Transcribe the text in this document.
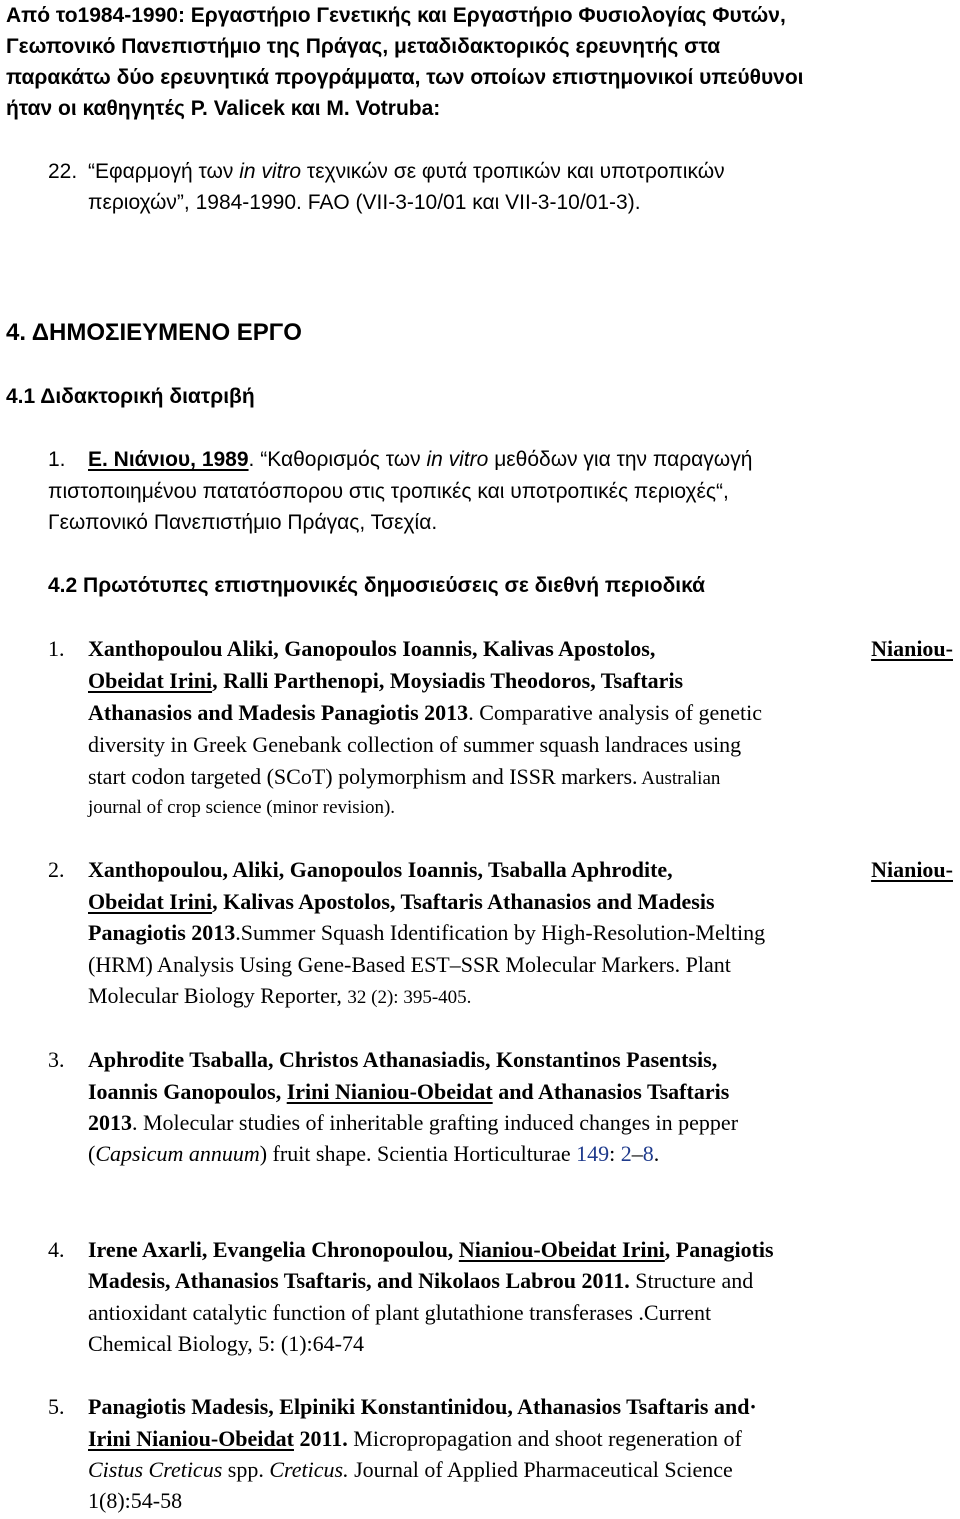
Από το1984-1990: Εργαστήριο Γενετικής και Εργαστήριο Φυσιολογίας Φυτών,
Γεωπονικό Πανεπιστήμιο της Πράγας, μεταδιδακτορικός ερευνητής στα
παρακάτω δύο ερευνητικά προγράμματα, των οποίων επιστημονικοί υπεύθυνοι
ήταν οι καθηγητές P. Valicek και M. Votruba:
22. “Εφαρμογή των in vitro τεχνικών σε φυτά τροπικών και υποτροπικών
περιοχών”, 1984-1990. FAO (VII-3-10/01 και VII-3-10/01-3).
4. ΔΗΜΟΣΙΕΥΜΕΝΟ ΕΡΓΟ
4.1 Διδακτορική διατριβή
1. Ε. Νιάνιου, 1989. “Καθορισμός των in vitro μεθόδων για την παραγωγή
πιστοποιημένου πατατόσπορου στις τροπικές και υποτροπικές περιοχές“,
Γεωπονικό Πανεπιστήμιο Πράγας, Τσεχία.
4.2 Πρωτότυπες επιστημονικές δημοσιεύσεις σε διεθνή περιοδικά
1. Xanthopoulou Aliki, Ganopoulos Ioannis, Kalivas Apostolos,	Nianiou-
Obeidat Irini, Ralli Parthenopi, Moysiadis Theodoros, Tsaftaris
Athanasios and Madesis Panagiotis 2013. Comparative analysis of genetic
diversity in Greek Genebank collection of summer squash landraces using
start codon targeted (SCoT) polymorphism and ISSR markers. Australian
journal of crop science (minor revision).
2. Xanthopoulou, Aliki, Ganopoulos Ioannis, Tsaballa Aphrodite,	Nianiou-
Obeidat Irini, Kalivas Apostolos, Tsaftaris Athanasios and Madesis
Panagiotis 2013.Summer Squash Identification by High-Resolution-Melting
(HRM) Analysis Using Gene-Based EST–SSR Molecular Markers. Plant
Molecular Biology Reporter, 32 (2): 395-405.
3. Aphrodite Tsaballa, Christos Athanasiadis, Konstantinos Pasentsis,
Ioannis Ganopoulos, Irini Nianiou-Obeidat and Athanasios Tsaftaris
2013. Molecular studies of inheritable grafting induced changes in pepper
(Capsicum annuum) fruit shape. Scientia Horticulturae 149: 2–8.
4. Irene Axarli, Evangelia Chronopoulou, Nianiou-Obeidat Irini, Panagiotis
Madesis, Athanasios Tsaftaris, and Nikolaos Labrou 2011. Structure and
antioxidant catalytic function of plant glutathione transferases .Current
Chemical Biology, 5: (1):64-74
5. Panagiotis Madesis, Elpiniki Konstantinidou, Athanasios Tsaftaris and·
Irini Nianiou-Obeidat 2011. Micropropagation and shoot regeneration of
Cistus Creticus spp. Creticus. Journal of Applied Pharmaceutical Science
1(8):54-58
